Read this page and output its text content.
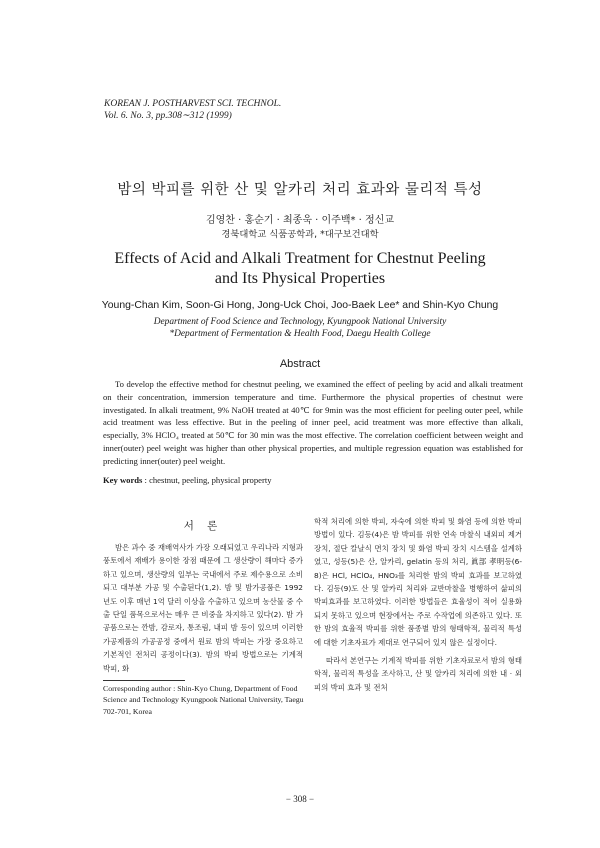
KOREAN J. POSTHARVEST SCI. TECHNOL.
Vol. 6. No. 3, pp.308∼312 (1999)
밤의 박피를 위한 산 및 알카리 처리 효과와 물리적 특성
김영찬 · 홍순기 · 최종욱 · 이주백* · 정신교
경북대학교 식품공학과, *대구보건대학
Effects of Acid and Alkali Treatment for Chestnut Peeling
and Its Physical Properties
Young-Chan Kim, Soon-Gi Hong, Jong-Uck Choi, Joo-Baek Lee* and Shin-Kyo Chung
Department of Food Science and Technology, Kyungpook National University
*Department of Fermentation & Health Food, Daegu Health College
Abstract
To develop the effective method for chestnut peeling, we examined the effect of peeling by acid and alkali treatment on their concentration, immersion temperature and time. Furthermore the physical properties of chestnut were investigated. In alkali treatment, 9% NaOH treated at 40℃ for 9min was the most efficient for peeling outer peel, while acid treatment was less effective. But in the peeling of inner peel, acid treatment was more effective than alkali, especially, 3% HClO₄ treated at 50℃ for 30 min was the most effective. The correlation coefficient between weight and inner(outer) peel weight was higher than other physical properties, and multiple regression equation was established for predicting inner(outer) peel weight.
Key words : chestnut, peeling, physical property
서 론
밤은 과수 중 재배역사가 가장 오래되었고 우리나라 지형과 풍토에서 재배가 용이한 장점 때문에 그 생산량이 해마다 증가하고 있으며, 생산량의 일부는 국내에서 주로 제수용으로 소비되고 대부분 가공 및 수출된다(1,2). 밤 및 밤가공품은 1992년도 이후 매년 1억 달러 이상을 수출하고 있으며 농산물 중 수출 단일 품목으로서는 매우 큰 비중을 차지하고 있다(2). 밤 가공품으로는 깐밤, 감로자, 통조림, 내피 밤 등이 있으며 이러한 가공제품의 가공공정 중에서 원료 밤의 박피는 가장 중요하고 기본적인 전처리 공정이다(3). 밤의 박피 방법으로는 기계적 박피, 화

학적 처리에 의한 박피, 자숙에 의한 박피 및 화염 등에 의한 박피 방법이 있다. 김등(4)은 밤 박피를 위한 연속 마찰식 내외피 제거 장치, 절단 칼날식 면치 장치 및 화염 박피 장치 시스템을 설계하였고, 성등(5)은 산, 알카리, gelatin 등의 처리, 眞部 孝明등(6-8)은 HCl, HClO₄, HNO₃를 처리한 밤의 박피 효과를 보고하였다. 김등(9)도 산 및 알카리 처리와 교반마찰을 병행하여 삶피의 박피효과를 보고하였다. 이러한 방법들은 효율성이 적어 실용화 되지 못하고 있으며 현장에서는 주로 수작업에 의존하고 있다. 또한 밤의 효율적 박피를 위한 품종별 밤의 형태학적, 물리적 특성에 대한 기초자료가 제대로 연구되어 있지 않은 실정이다.

따라서 본연구는 기계적 박피를 위한 기초자료로서 밤의 형태학적, 물리적 특성을 조사하고, 산 및 알카리 처리에 의한 내 · 외피의 박피 효과 및 전처

Corresponding author : Shin-Kyo Chung, Department of Food Science and Technology Kyungpook National University, Taegu 702-701, Korea
− 308 −
